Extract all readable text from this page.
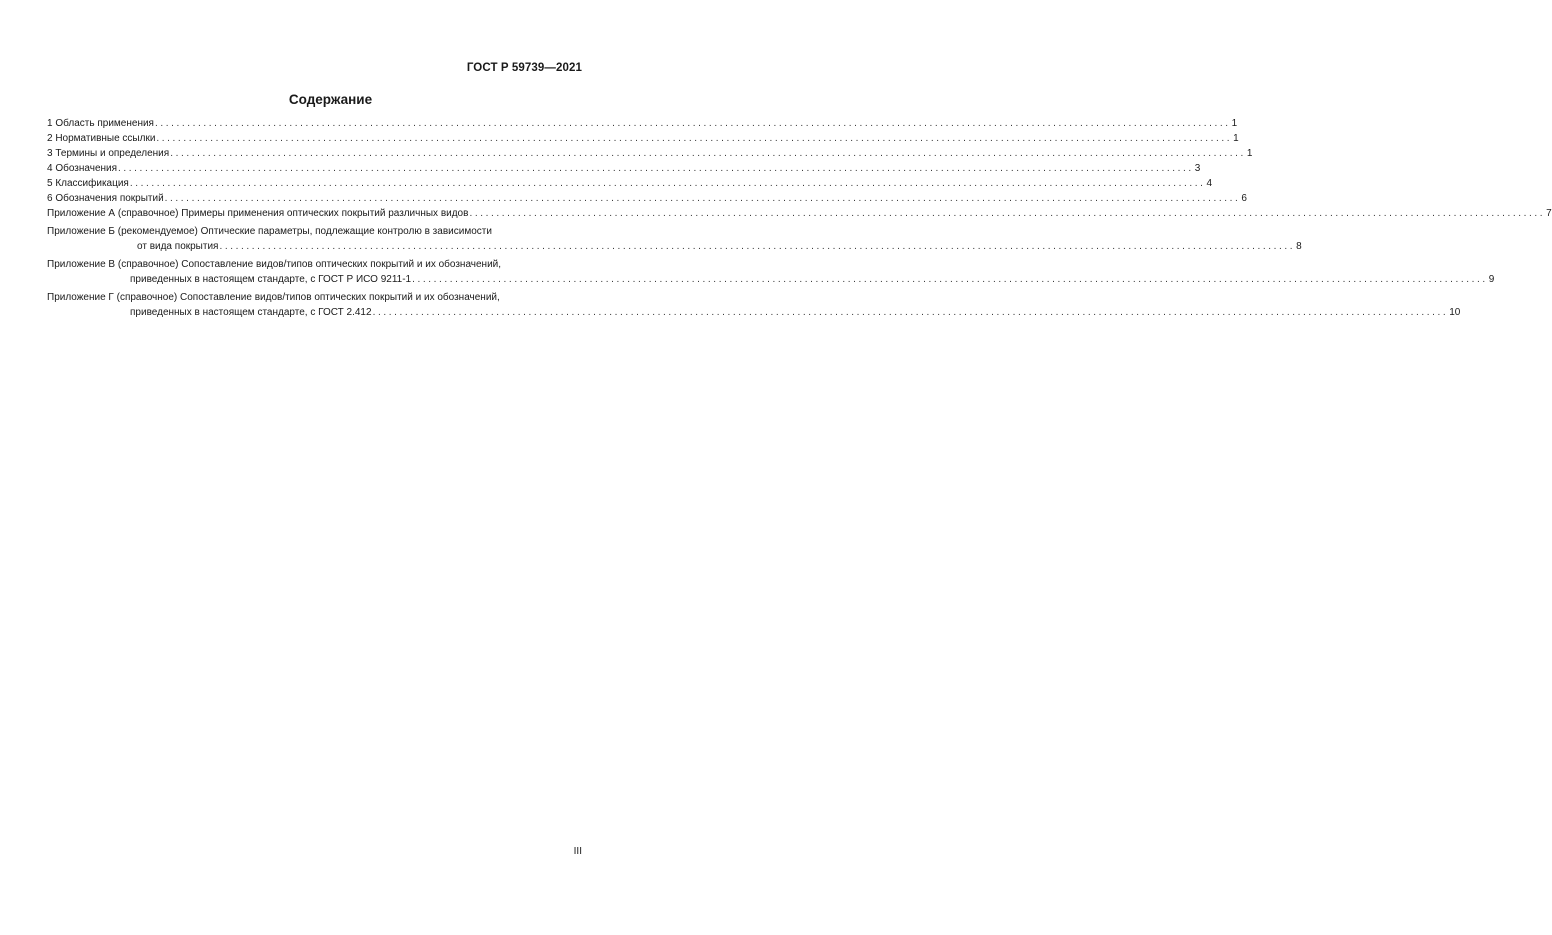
ГОСТ Р 59739—2021
Содержание
1 Область применения ........................................................................................................................................................................................................ 1
2 Нормативные ссылки ........................................................................................................................................................................................................ 1
3 Термины и определения ........................................................................................................................................................................................................ 1
4 Обозначения ........................................................................................................................................................................................................ 3
5 Классификация ........................................................................................................................................................................................................ 4
6 Обозначения покрытий ........................................................................................................................................................................................................ 6
Приложение А (справочное) Примеры применения оптических покрытий различных видов ........................................................................................................................................................................................................ 7
Приложение Б (рекомендуемое) Оптические параметры, подлежащие контролю в зависимости
от вида покрытия ........................................................................................................................................................................................................ 8
Приложение В (справочное) Сопоставление видов/типов оптических покрытий и их обозначений,
приведенных в настоящем стандарте, с ГОСТ Р ИСО 9211-1 ........................................................................................................................................................................................................ 9
Приложение Г (справочное) Сопоставление видов/типов оптических покрытий и их обозначений,
приведенных в настоящем стандарте, с ГОСТ 2.412 ........................................................................................................................................................................................................ 10
III
